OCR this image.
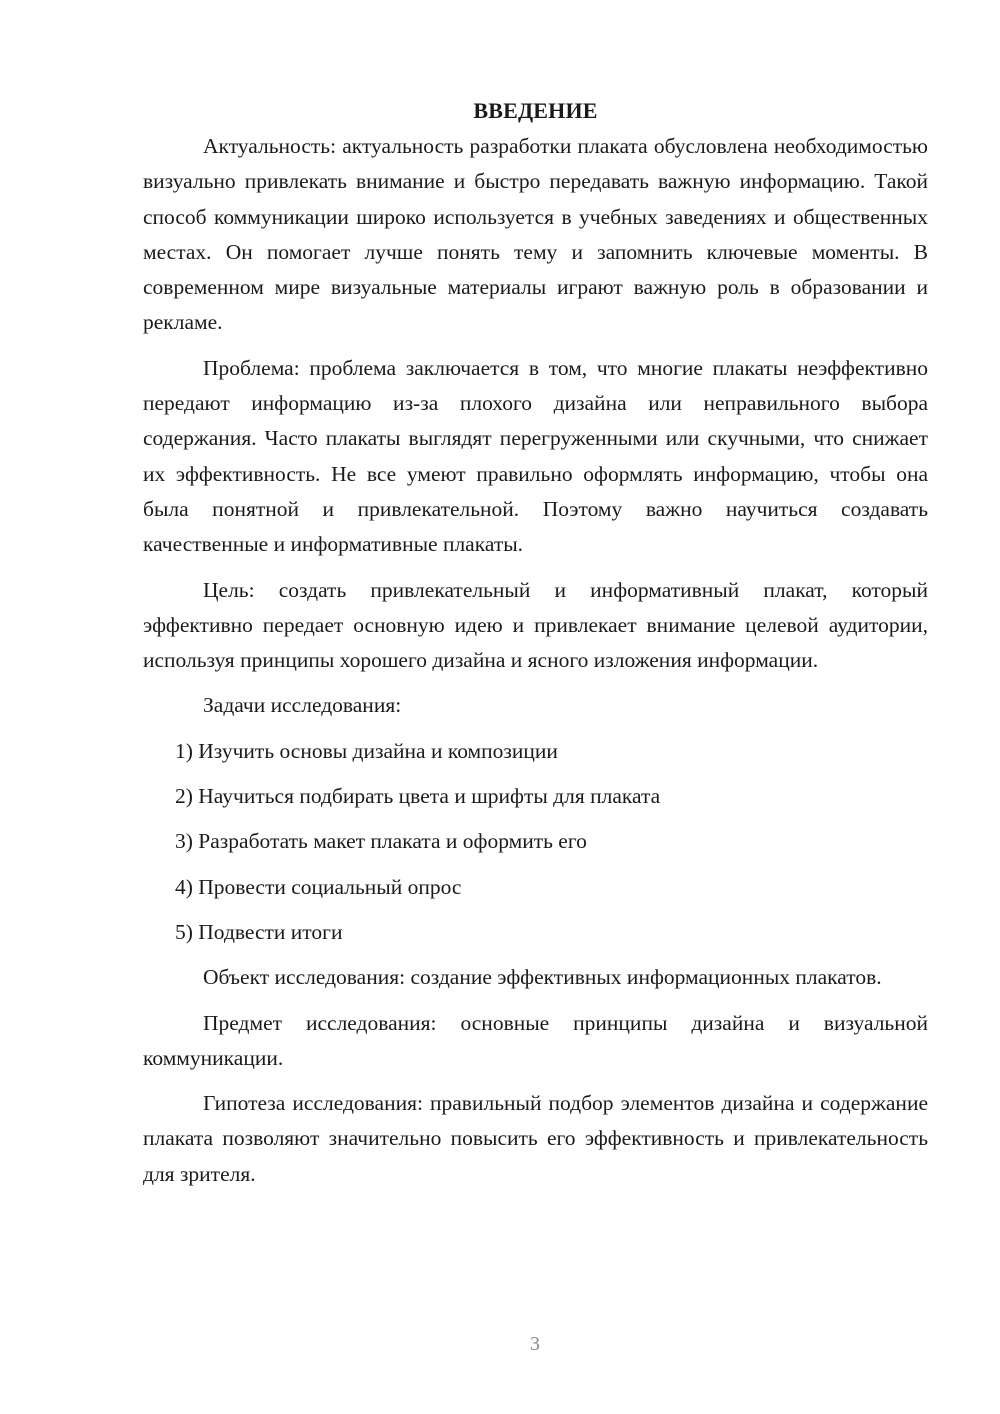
ВВЕДЕНИЕ

Актуальность: актуальность разработки плаката обусловлена необходимостью визуально привлекать внимание и быстро передавать важную информацию. Такой способ коммуникации широко используется в учебных заведениях и общественных местах. Он помогает лучше понять тему и запомнить ключевые моменты. В современном мире визуальные материалы играют важную роль в образовании и рекламе.

Проблема: проблема заключается в том, что многие плакаты неэффективно передают информацию из-за плохого дизайна или неправильного выбора содержания. Часто плакаты выглядят перегруженными или скучными, что снижает их эффективность. Не все умеют правильно оформлять информацию, чтобы она была понятной и привлекательной. Поэтому важно научиться создавать качественные и информативные плакаты.

Цель: создать привлекательный и информативный плакат, который эффективно передает основную идею и привлекает внимание целевой аудитории, используя принципы хорошего дизайна и ясного изложения информации.

Задачи исследования:

1) Изучить основы дизайна и композиции
2) Научиться подбирать цвета и шрифты для плаката
3) Разработать макет плаката и оформить его
4) Провести социальный опрос
5) Подвести итоги

Объект исследования: создание эффективных информационных плакатов.

Предмет исследования: основные принципы дизайна и визуальной коммуникации.

Гипотеза исследования: правильный подбор элементов дизайна и содержание плаката позволяют значительно повысить его эффективность и привлекательность для зрителя.

3
